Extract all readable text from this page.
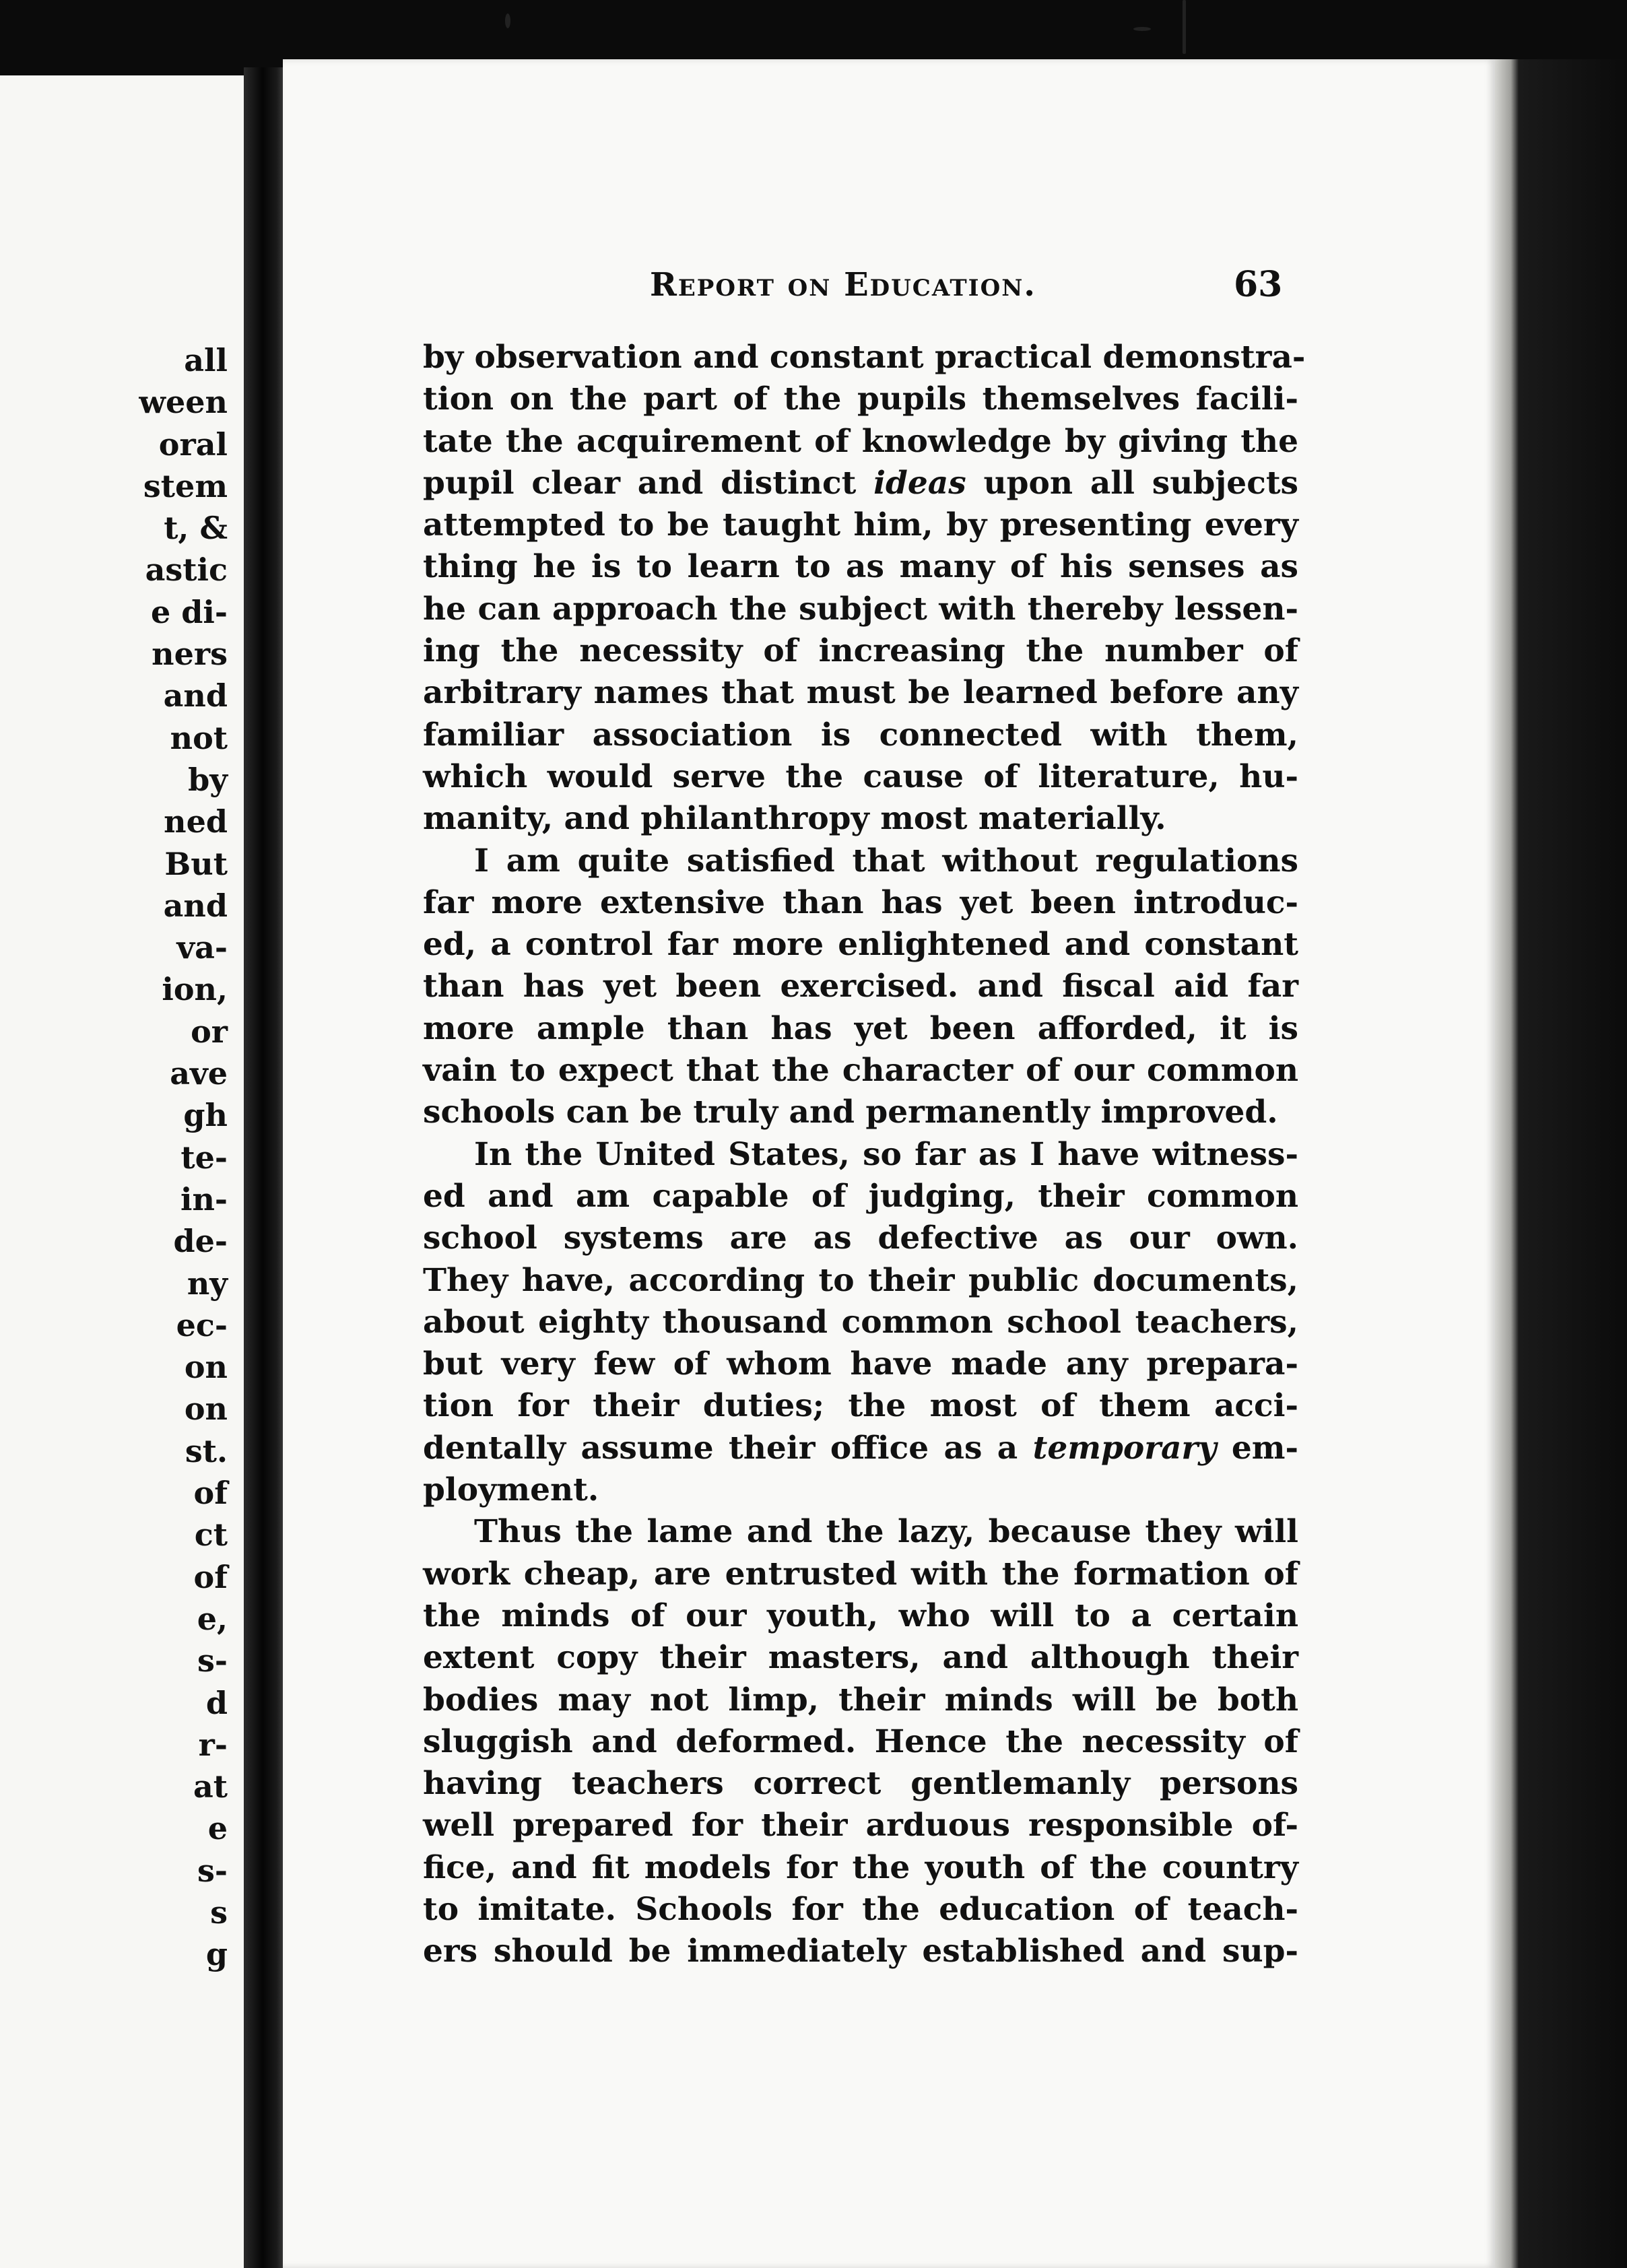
all
ween
oral
stem
t, &
astic
e di-
ners
and
not
by
ned
But
and
va-
ion,
or
ave
gh
te-
in-
de-
ny
ec-
on
on
st.
of
ct
of
e,
s-
d
r-
at
e
s-
s
g
Report on Education.	63
by observation and constant practical demonstra-
tion on the part of the pupils themselves facili-
tate the acquirement of knowledge by giving the
pupil clear and distinct ideas upon all subjects
attempted to be taught him, by presenting every
thing he is to learn to as many of his senses as
he can approach the subject with thereby lessen-
ing the necessity of increasing the number of
arbitrary names that must be learned before any
familiar association is connected with them,
which would serve the cause of literature, hu-
manity, and philanthropy most materially.
I am quite satisfied that without regulations
far more extensive than has yet been introduc-
ed, a control far more enlightened and constant
than has yet been exercised. and fiscal aid far
more ample than has yet been afforded, it is
vain to expect that the character of our common
schools can be truly and permanently improved.
In the United States, so far as I have witness-
ed and am capable of judging, their common
school systems are as defective as our own.
They have, according to their public documents,
about eighty thousand common school teachers,
but very few of whom have made any prepara-
tion for their duties; the most of them acci-
dentally assume their office as a temporary em-
ployment.
Thus the lame and the lazy, because they will
work cheap, are entrusted with the formation of
the minds of our youth, who will to a certain
extent copy their masters, and although their
bodies may not limp, their minds will be both
sluggish and deformed. Hence the necessity of
having teachers correct gentlemanly persons
well prepared for their arduous responsible of-
fice, and fit models for the youth of the country
to imitate. Schools for the education of teach-
ers should be immediately established and sup-
